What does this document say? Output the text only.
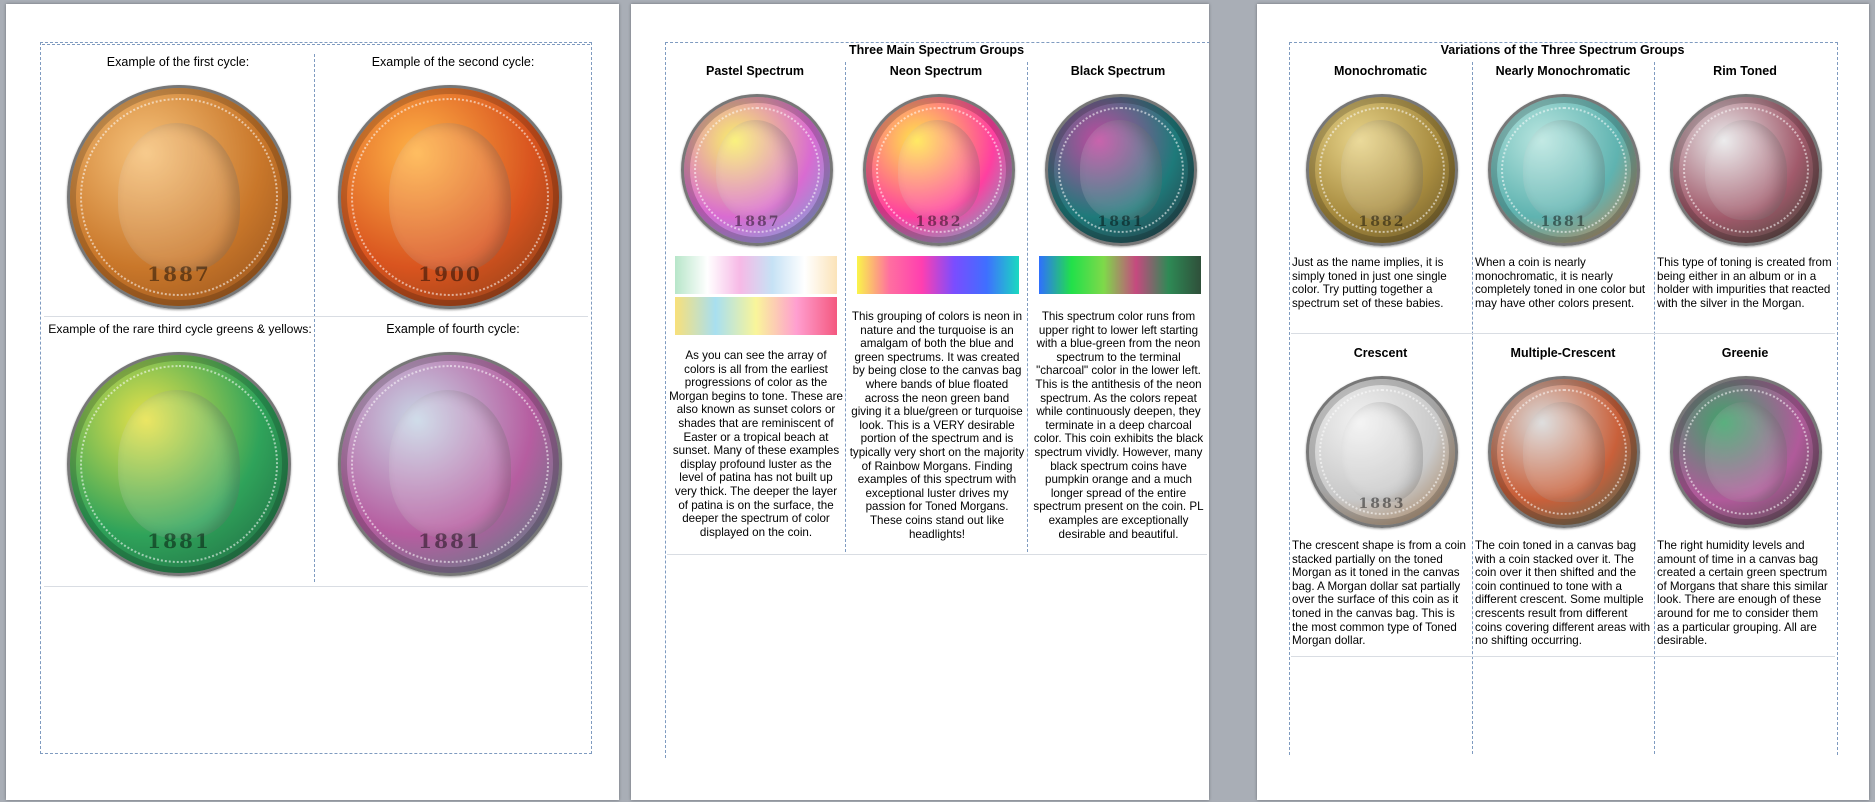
Example of the first cycle:	Example of the second cycle:
Example of the rare third cycle greens & yellows:	Example of fourth cycle:
1887	1900
1881	1881
Three Main Spectrum Groups
Pastel Spectrum	Neon Spectrum	Black Spectrum
1887	1882	1881
As you can see the array of colors is all from the earliest progressions of color as the Morgan begins to tone. These are also known as sunset colors or shades that are reminiscent of Easter or a tropical beach at sunset. Many of these examples display profound luster as the level of patina has not built up very thick. The deeper the layer of patina is on the surface, the deeper the spectrum of color displayed on the coin.
This grouping of colors is neon in nature and the turquoise is an amalgam of both the blue and green spectrums. It was created by being close to the canvas bag where bands of blue floated across the neon green band giving it a blue/green or turquoise look. This is a VERY desirable portion of the spectrum and is typically very short on the majority of Rainbow Morgans. Finding examples of this spectrum with exceptional luster drives my passion for Toned Morgans. These coins stand out like headlights!
This spectrum color runs from upper right to lower left starting with a blue-green from the neon spectrum to the terminal "charcoal" color in the lower left. This is the antithesis of the neon spectrum. As the colors repeat while continuously deepen, they terminate in a deep charcoal color. This coin exhibits the black spectrum vividly. However, many black spectrum coins have pumpkin orange and a much longer spread of the entire spectrum present on the coin. PL examples are exceptionally desirable and beautiful.
Variations of the Three Spectrum Groups
Monochromatic	Nearly Monochromatic	Rim Toned
Crescent	Multiple-Crescent	Greenie
1882	1881
1883
Just as the name implies, it is simply toned in just one single color. Try putting together a spectrum set of these babies.
When a coin is nearly monochromatic, it is nearly completely toned in one color but may have other colors present.
This type of toning is created from being either in an album or in a holder with impurities that reacted with the silver in the Morgan.
The crescent shape is from a coin stacked partially on the toned Morgan as it toned in the canvas bag. A Morgan dollar sat partially over the surface of this coin as it toned in the canvas bag. This is the most common type of Toned Morgan dollar.
The coin toned in a canvas bag with a coin stacked over it. The coin over it then shifted and the coin continued to tone with a different crescent. Some multiple crescents result from different coins covering different areas with no shifting occurring.
The right humidity levels and amount of time in a canvas bag created a certain green spectrum of Morgans that share this similar look. There are enough of these around for me to consider them as a particular grouping. All are desirable.
